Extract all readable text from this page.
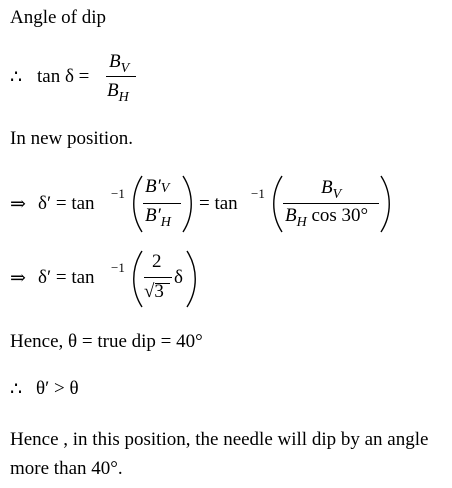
Angle of dip
∴ tan δ =
$B_V$
$B_H$
In new position.
⇒ δ′ = tan −1 B′V
$B'_H$
= tan −1	$B_V$
$B_H$ cos 30°
⇒ δ′ = tan −1 2
√3
δ
Hence, θ = true dip = 40°
∴ θ′ > θ
Hence , in this position, the needle will dip by an angle more than 40°.
